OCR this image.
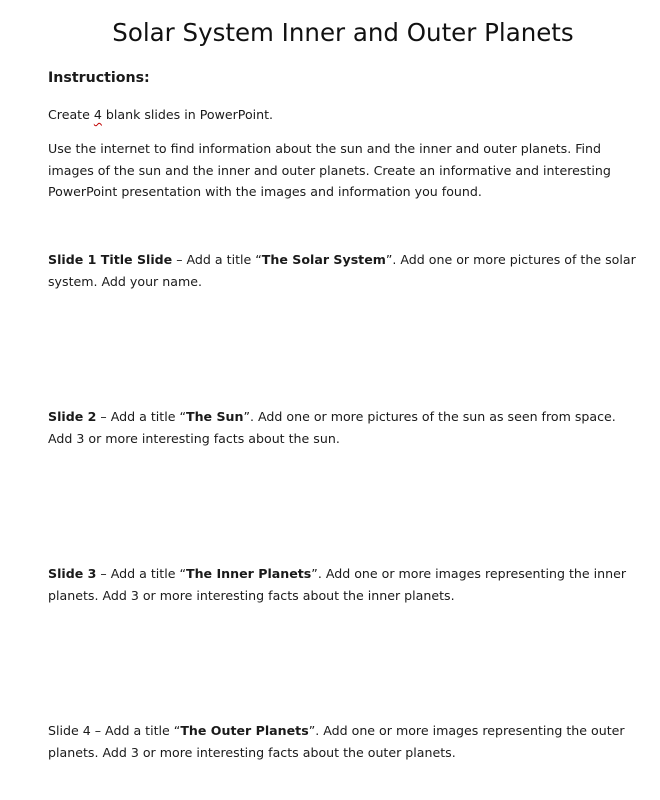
Solar System Inner and Outer Planets

Instructions:

Create 4 blank slides in PowerPoint.

Use the internet to find information about the sun and the inner and outer planets. Find images of the sun and the inner and outer planets. Create an informative and interesting PowerPoint presentation with the images and information you found.

Slide 1 Title Slide – Add a title “The Solar System”. Add one or more pictures of the solar system. Add your name.

Slide 2 – Add a title “The Sun”. Add one or more pictures of the sun as seen from space. Add 3 or more interesting facts about the sun.

Slide 3 – Add a title “The Inner Planets”. Add one or more images representing the inner planets. Add 3 or more interesting facts about the inner planets.

Slide 4 – Add a title “The Outer Planets”. Add one or more images representing the outer planets. Add 3 or more interesting facts about the outer planets.
